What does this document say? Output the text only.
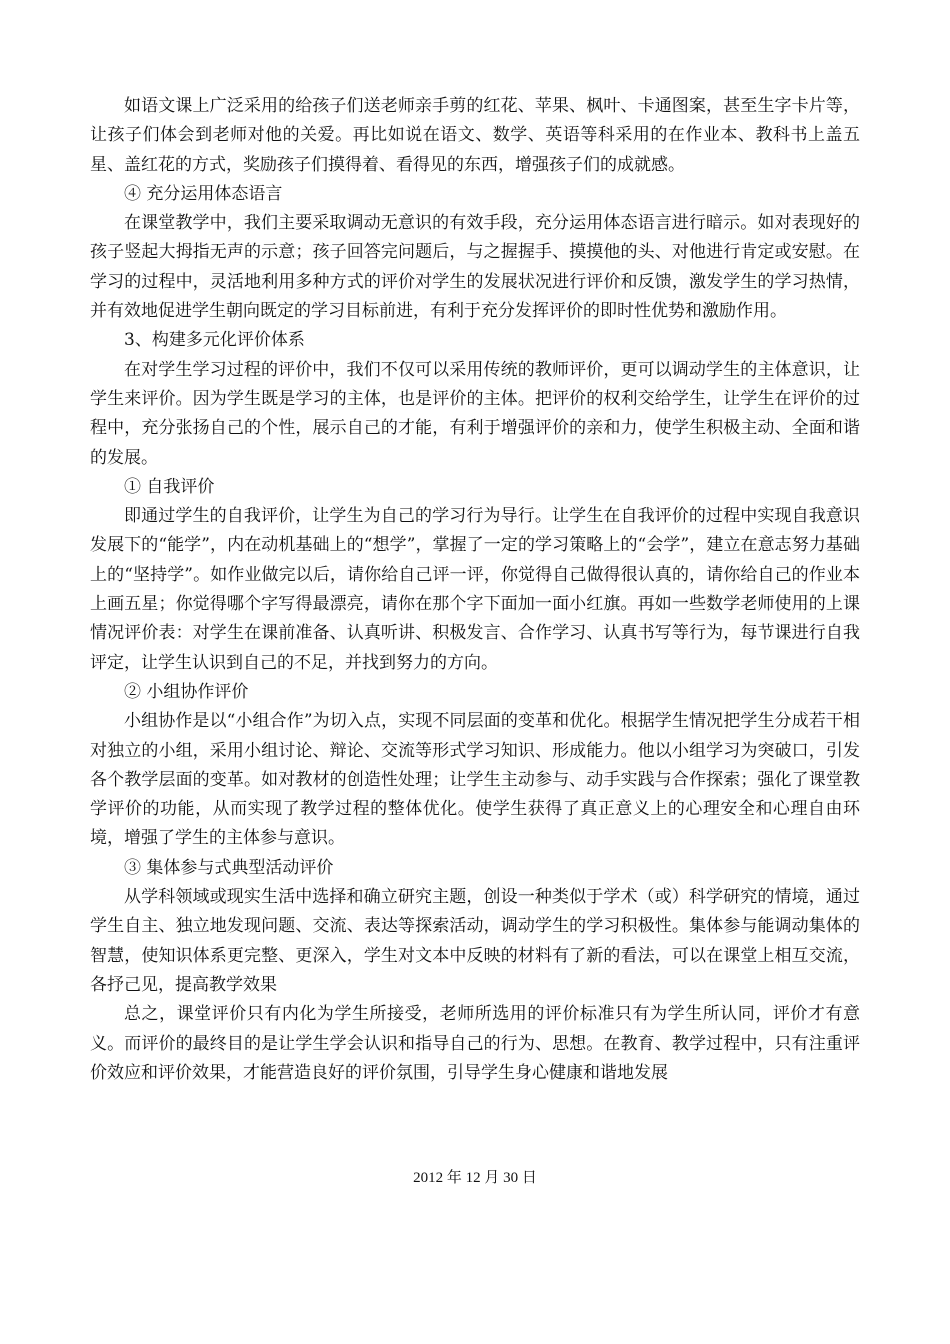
如语文课上广泛采用的给孩子们送老师亲手剪的红花、苹果、枫叶、卡通图案，甚至生字卡片等，让孩子们体会到老师对他的关爱。再比如说在语文、数学、英语等科采用的在作业本、教科书上盖五星、盖红花的方式，奖励孩子们摸得着、看得见的东西，增强孩子们的成就感。

④ 充分运用体态语言

在课堂教学中，我们主要采取调动无意识的有效手段，充分运用体态语言进行暗示。如对表现好的孩子竖起大拇指无声的示意；孩子回答完问题后，与之握握手、摸摸他的头、对他进行肯定或安慰。在学习的过程中，灵活地利用多种方式的评价对学生的发展状况进行评价和反馈，激发学生的学习热情，并有效地促进学生朝向既定的学习目标前进，有利于充分发挥评价的即时性优势和激励作用。

3、构建多元化评价体系

在对学生学习过程的评价中，我们不仅可以采用传统的教师评价，更可以调动学生的主体意识，让学生来评价。因为学生既是学习的主体，也是评价的主体。把评价的权利交给学生，让学生在评价的过程中，充分张扬自己的个性，展示自己的才能，有利于增强评价的亲和力，使学生积极主动、全面和谐的发展。

① 自我评价

即通过学生的自我评价，让学生为自己的学习行为导行。让学生在自我评价的过程中实现自我意识发展下的“能学”，内在动机基础上的“想学”，掌握了一定的学习策略上的“会学”，建立在意志努力基础上的“坚持学”。如作业做完以后，请你给自己评一评，你觉得自己做得很认真的，请你给自己的作业本上画五星；你觉得哪个字写得最漂亮，请你在那个字下面加一面小红旗。再如一些数学老师使用的上课情况评价表：对学生在课前准备、认真听讲、积极发言、合作学习、认真书写等行为，每节课进行自我评定，让学生认识到自己的不足，并找到努力的方向。

② 小组协作评价

小组协作是以“小组合作”为切入点，实现不同层面的变革和优化。根据学生情况把学生分成若干相对独立的小组，采用小组讨论、辩论、交流等形式学习知识、形成能力。他以小组学习为突破口，引发各个教学层面的变革。如对教材的创造性处理；让学生主动参与、动手实践与合作探索；强化了课堂教学评价的功能，从而实现了教学过程的整体优化。使学生获得了真正意义上的心理安全和心理自由环境，增强了学生的主体参与意识。

③ 集体参与式典型活动评价

从学科领域或现实生活中选择和确立研究主题，创设一种类似于学术（或）科学研究的情境，通过学生自主、独立地发现问题、交流、表达等探索活动，调动学生的学习积极性。集体参与能调动集体的智慧，使知识体系更完整、更深入，学生对文本中反映的材料有了新的看法，可以在课堂上相互交流，各抒己见，提高教学效果

总之，课堂评价只有内化为学生所接受，老师所选用的评价标准只有为学生所认同，评价才有意义。而评价的最终目的是让学生学会认识和指导自己的行为、思想。在教育、教学过程中，只有注重评价效应和评价效果，才能营造良好的评价氛围，引导学生身心健康和谐地发展

2012 年 12 月 30 日
